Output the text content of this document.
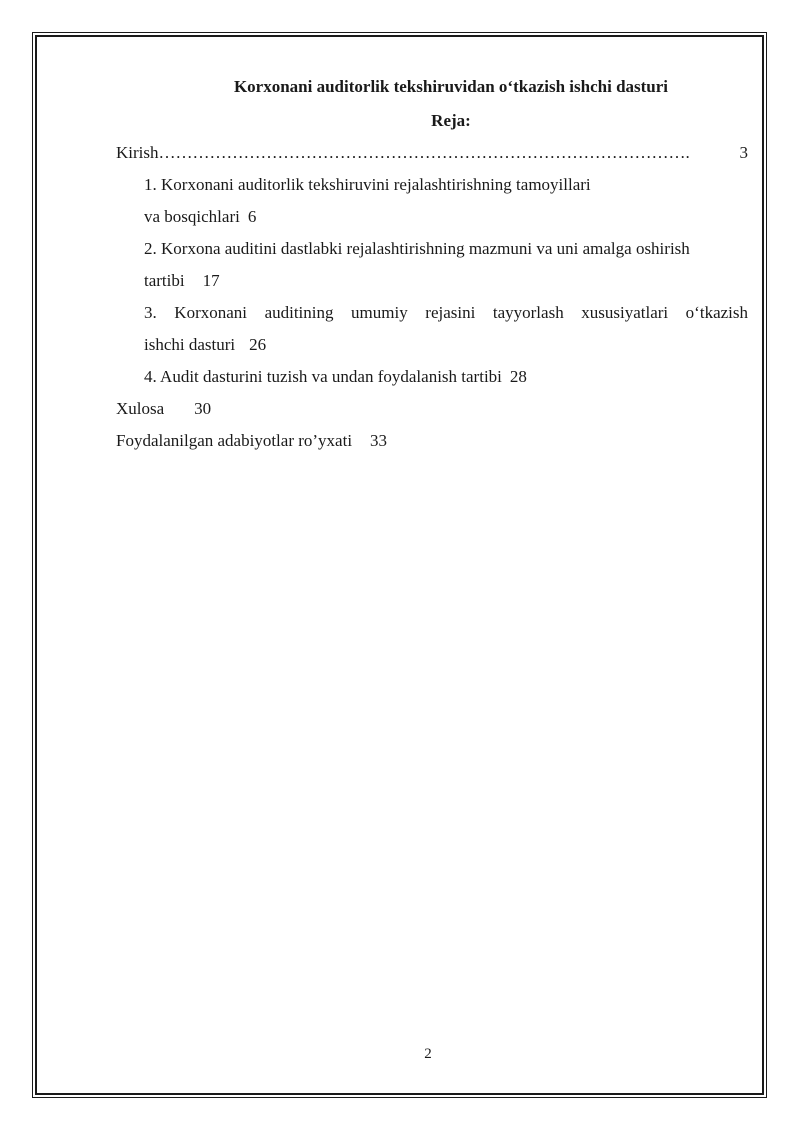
Korxonani auditorlik tekshiruvidan o‘tkazish ishchi dasturi

Reja:

Kirish ………………………………………………………………………………….	3
1. Korxonani auditorlik tekshiruvini rejalashtirishning tamoyillari
va bosqichlari 6
2. Korxona auditini dastlabki rejalashtirishning mazmuni va uni amalga oshirish
tartibi 17
3. Korxonani auditining umumiy rejasini tayyorlash xususiyatlari o‘tkazish
ishchi dasturi 26
4. Audit dasturini tuzish va undan foydalanish tartibi 28
Xulosa 30
Foydalanilgan adabiyotlar ro’yxati 33
2
